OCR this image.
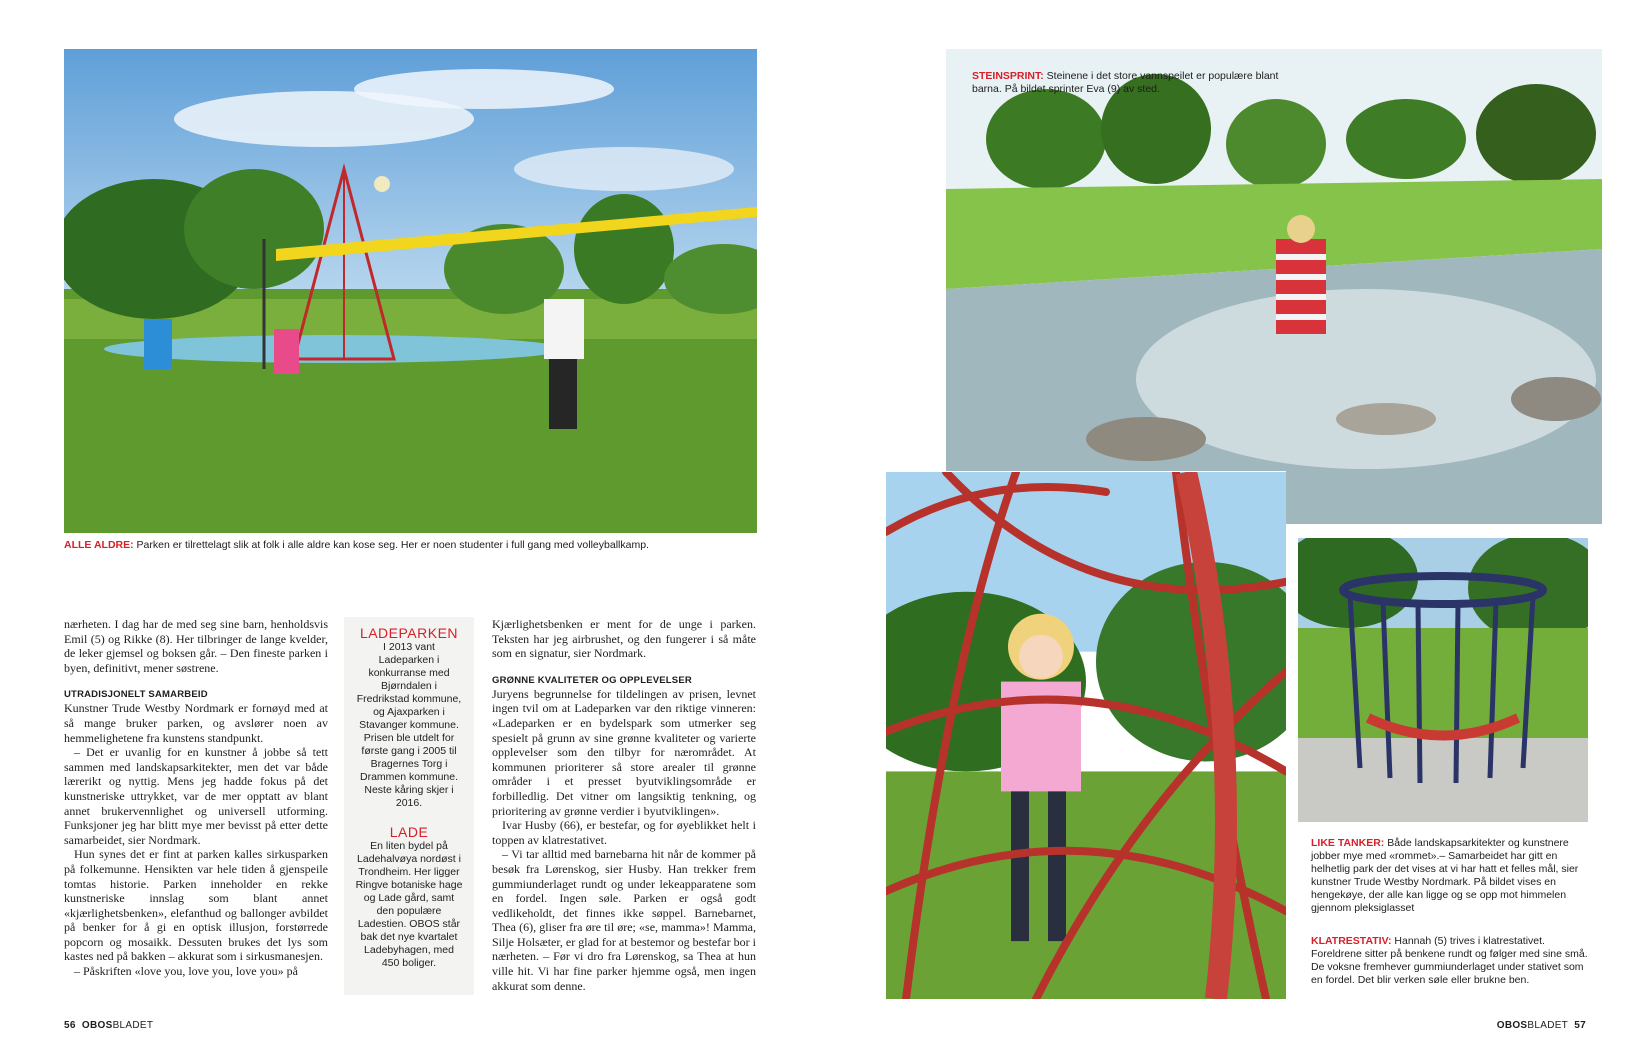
ALLE ALDRE: Parken er tilrettelagt slik at folk i alle aldre kan kose seg. Her er noen studenter i full gang med volleyballkamp.
STEINSPRINT: Steinene i det store vannspeilet er populære blant barna. På bildet sprinter Eva (9) av sted.
LIKE TANKER: Både landskapsarkitekter og kunstnere jobber mye med «rommet».– Samarbeidet har gitt en helhetlig park der det vises at vi har hatt et felles mål, sier kunstner Trude Westby Nordmark. På bildet vises en hengekøye, der alle kan ligge og se opp mot himmelen gjennom pleksiglasset
KLATRESTATIV: Hannah (5) trives i klatrestativet. Foreldrene sitter på benkene rundt og følger med sine små. De voksne fremhever gummiunderlaget under stativet som en fordel. Det blir verken søle eller brukne ben.

nærheten. I dag har de med seg sine barn, henholdsvis Emil (5) og Rikke (8). Her tilbringer de lange kvelder, de leker gjemsel og boksen går. – Den fineste parken i byen, definitivt, mener søstrene.

UTRADISJONELT SAMARBEID

Kunstner Trude Westby Nordmark er fornøyd med at så mange bruker parken, og avslører noen av hemmelighetene fra kunstens standpunkt.

– Det er uvanlig for en kunstner å jobbe så tett sammen med landskapsarkitekter, men det var både lærerikt og nyttig. Mens jeg hadde fokus på det kunstneriske uttrykket, var de mer opptatt av blant annet brukervennlighet og universell utforming. Funksjoner jeg har blitt mye mer bevisst på etter dette samarbeidet, sier Nordmark.

Hun synes det er fint at parken kalles sirkusparken på folkemunne. Hensikten var hele tiden å gjenspeile tomtas historie. Parken inneholder en rekke kunstneriske innslag som blant annet «kjærlighetsbenken», elefanthud og ballonger avbildet på benker for å gi en optisk illusjon, forstørrede popcorn og mosaikk. Dessuten brukes det lys som kastes ned på bakken – akkurat som i sirkusmanesjen.

– Påskriften «love you, love you, love you» på

LADEPARKEN

I 2013 vant Ladeparken i konkurranse med Bjørndalen i Fredrikstad kommune, og Ajaxparken i Stavanger kommune. Prisen ble utdelt for første gang i 2005 til Bragernes Torg i Drammen kommune. Neste kåring skjer i 2016.

LADE

En liten bydel på Ladehalvøya nordøst i Trondheim. Her ligger Ringve botaniske hage og Lade gård, samt den populære Ladestien. OBOS står bak det nye kvartalet Ladebyhagen, med 450 boliger.

Kjærlighetsbenken er ment for de unge i parken. Teksten har jeg airbrushet, og den fungerer i så måte som en signatur, sier Nordmark.

GRØNNE KVALITETER OG OPPLEVELSER

Juryens begrunnelse for tildelingen av prisen, levnet ingen tvil om at Ladeparken var den riktige vinneren: «Ladeparken er en bydelspark som utmerker seg spesielt på grunn av sine grønne kvaliteter og varierte opplevelser som den tilbyr for nærområdet. At kommunen prioriterer så store arealer til grønne områder i et presset byutviklingsområde er forbilledlig. Det vitner om langsiktig tenkning, og prioritering av grønne verdier i byutviklingen».

Ivar Husby (66), er bestefar, og for øyeblikket helt i toppen av klatrestativet.

– Vi tar alltid med barnebarna hit når de kommer på besøk fra Lørenskog, sier Husby. Han trekker frem gummiunderlaget rundt og under lekeapparatene som en fordel. Ingen søle. Parken er også godt vedlikeholdt, det finnes ikke søppel. Barnebarnet, Thea (6), gliser fra øre til øre; «se, mamma»! Mamma, Silje Holsæter, er glad for at bestemor og bestefar bor i nærheten. – Før vi dro fra Lørenskog, sa Thea at hun ville hit. Vi har fine parker hjemme også, men ingen akkurat som denne.

56 OBOSBLADET	OBOSBLADET 57
